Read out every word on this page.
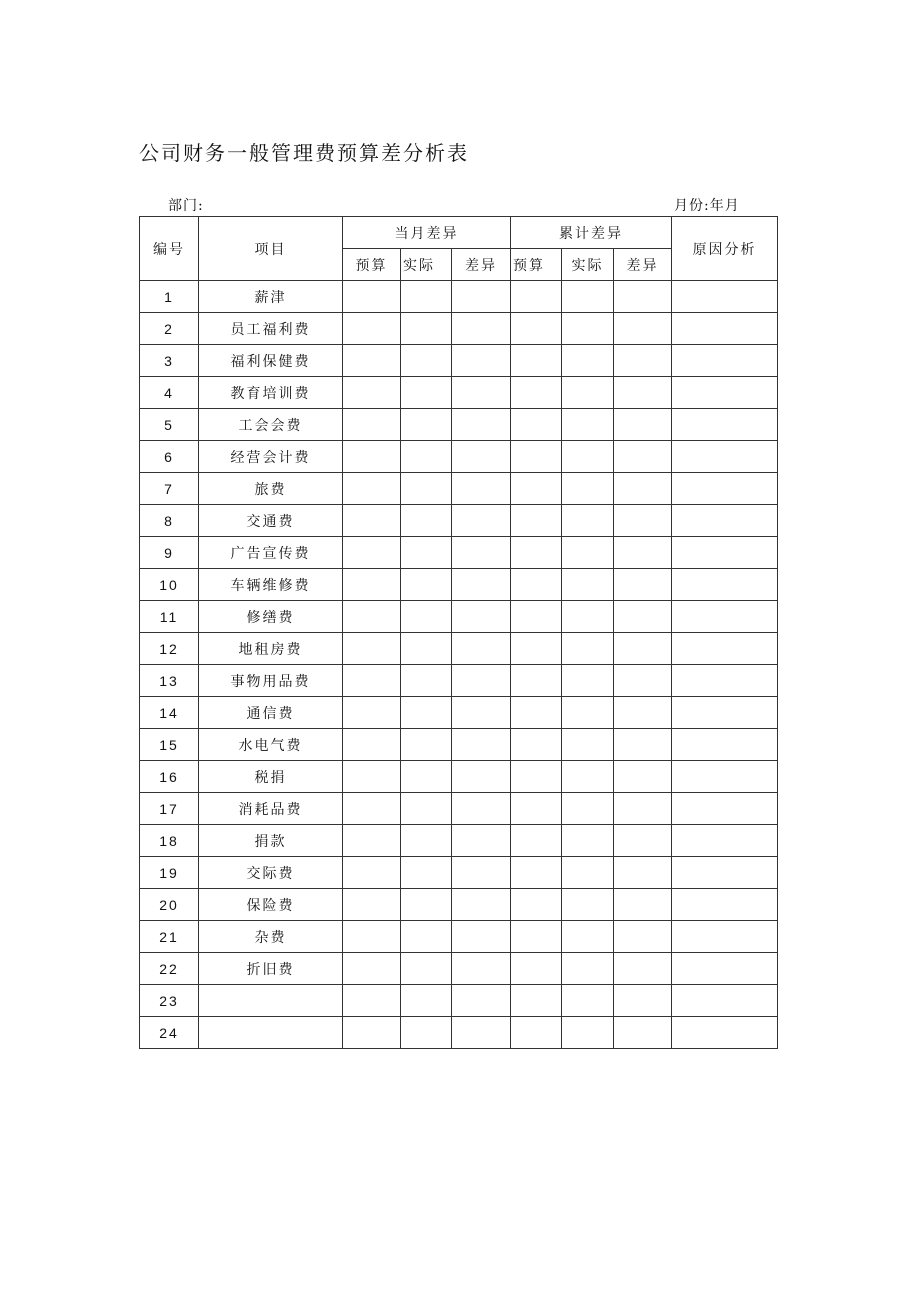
公司财务一般管理费预算差分析表
部门:	月份:年月
编号	项目	当月差异			累计差异			原因分析
		预算	实际	差异	预算	实际	差异	
1	薪津							
2	员工福利费							
3	福利保健费							
4	教育培训费							
5	工会会费							
6	经营会计费							
7	旅费							
8	交通费							
9	广告宣传费							
10	车辆维修费							
11	修缮费							
12	地租房费							
13	事物用品费							
14	通信费							
15	水电气费							
16	税捐							
17	消耗品费							
18	捐款							
19	交际费							
20	保险费							
21	杂费							
22	折旧费							
23								
24								
